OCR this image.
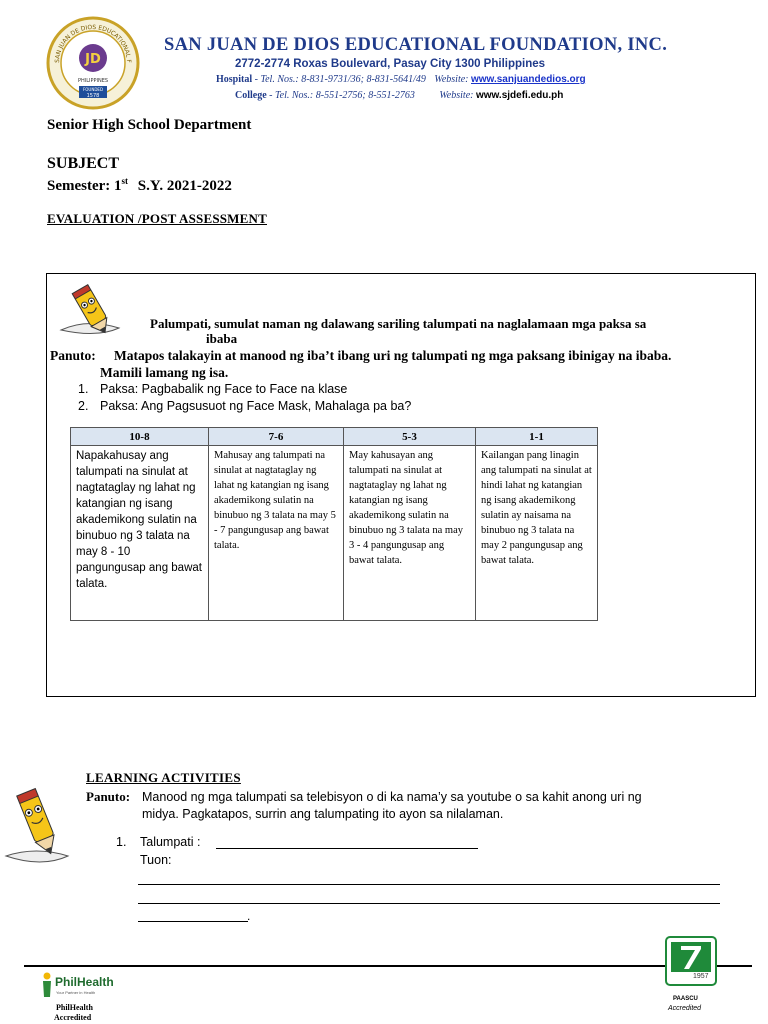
SAN JUAN DE DIOS EDUCATIONAL F
JD
PHILIPPINES
FOUNDED
1578
SAN JUAN DE DIOS EDUCATIONAL FOUNDATION, INC.
2772-2774 Roxas Boulevard, Pasay City 1300 Philippines
Hospital - Tel. Nos.: 8-831-9731/36; 8-831-5641/49 Website: www.sanjuandedios.org
College - Tel. Nos.: 8-551-2756; 8-551-2763 Website: www.sjdefi.edu.ph
Senior High School Department
SUBJECT
Semester: 1st S.Y. 2021-2022
EVALUATION /POST ASSESSMENT
Palumpati, sumulat naman ng dalawang sariling talumpati na naglalamaan mga paksa sa
ibaba
Panuto: Matapos talakayin at manood ng iba’t ibang uri ng talumpati ng mga paksang ibinigay na ibaba.
Mamili lamang ng isa.
1. Paksa: Pagbabalik ng Face to Face na klase
2. Paksa: Ang Pagsusuot ng Face Mask, Mahalaga pa ba?
10-8	7-6	5-3	1-1
Napakahusay ang talumpati na sinulat at nagtataglay ng lahat ng katangian ng isang akademikong sulatin na binubuo ng 3 talata na may 8 - 10 pangungusap ang bawat talata.	Mahusay ang talumpati na sinulat at nagtataglay ng lahat ng katangian ng isang akademikong sulatin na binubuo ng 3 talata na may 5 - 7 pangungusap ang bawat talata.	May kahusayan ang talumpati na sinulat at nagtataglay ng lahat ng katangian ng isang akademikong sulatin na binubuo ng 3 talata na may 3 - 4 pangungusap ang bawat talata.	Kailangan pang linagin ang talumpati na sinulat at hindi lahat ng katangian ng isang akademikong sulatin ay naisama na binubuo ng 3 talata na may 2 pangungusap ang bawat talata.
LEARNING ACTIVITIES
Panuto: Manood ng mga talumpati sa telebisyon o di ka nama’y sa youtube o sa kahit anong uri ng
midya. Pagkatapos, surrin ang talumpating ito ayon sa nilalaman.
1. Talumpati :
Tuon:
.
PhilHealth
Your Partner in Health
PhilHealth
Accredited
1957
PAASCU
Accredited
